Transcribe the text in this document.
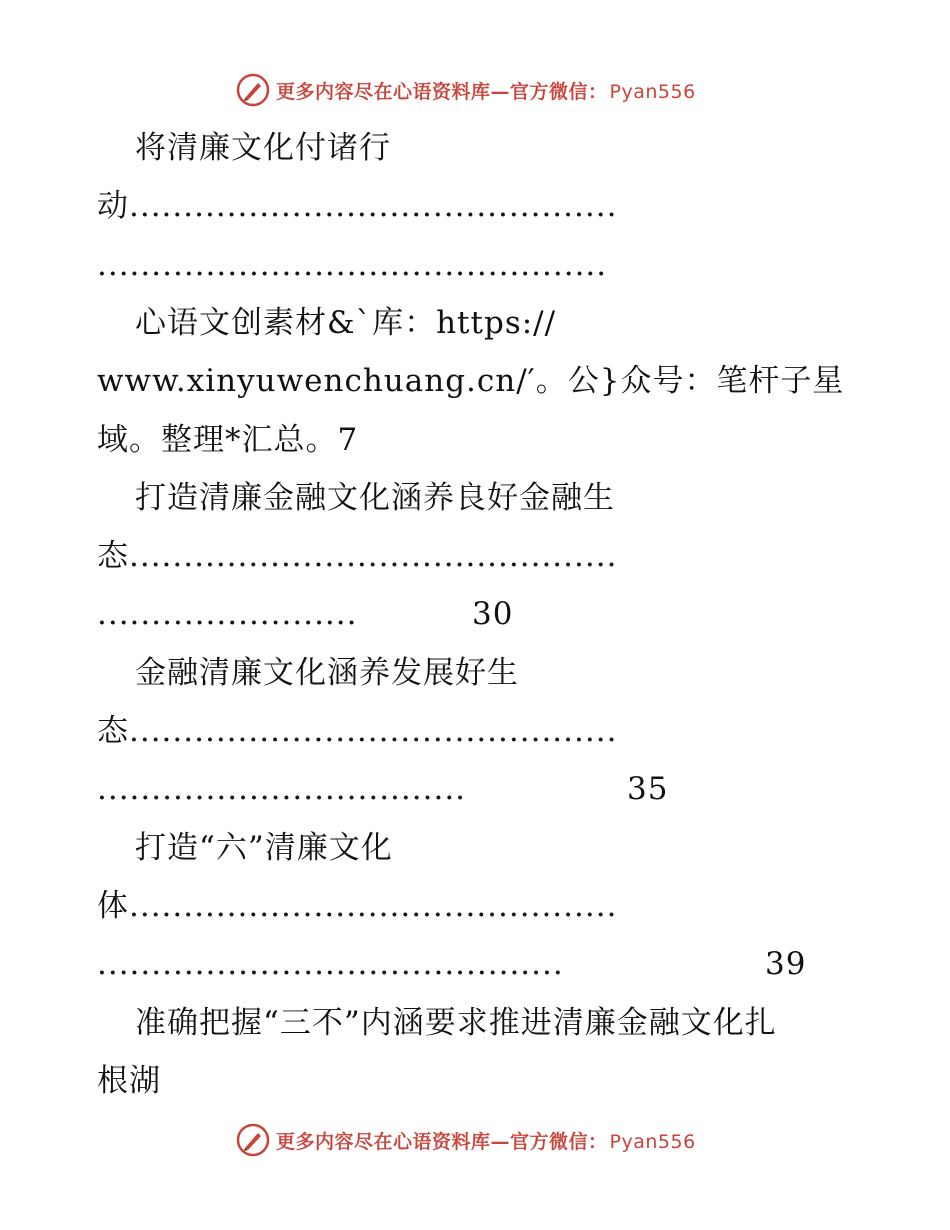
更多内容尽在心语资料库—官方微信： Pyan556
将清廉文化付诸行
动.............................................
...............................................
心语文创素材&`库：https://
www.xinyuwenchuang.cn/′。公}众号：笔杆子星
域。整理*汇总。7
打造清廉金融文化涵养良好金融生
态.............................................
........................	30
金融清廉文化涵养发展好生
态.............................................
..................................	35
打造“六”清廉文化
体.............................................
...........................................	39
准确把握“三不”内涵要求推进清廉金融文化扎
根湖
更多内容尽在心语资料库—官方微信： Pyan556
